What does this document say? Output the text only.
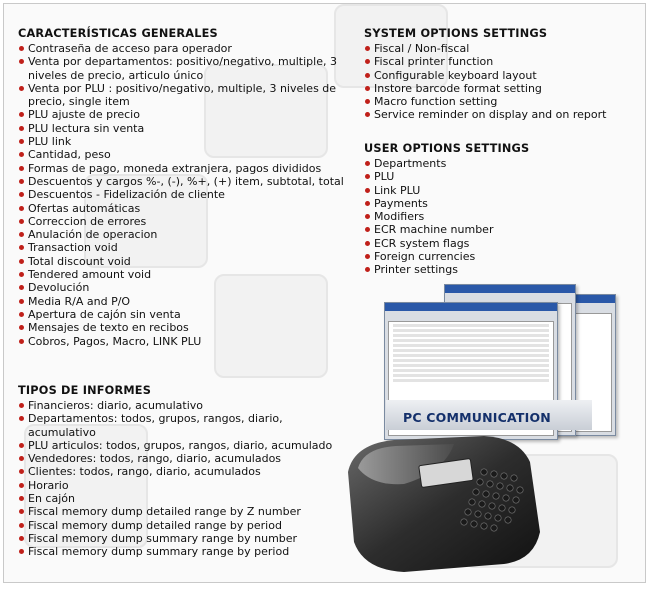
PC COMMUNICATION
CARACTERÍSTICAS GENERALES
Contraseña de acceso para operador
Venta por departamentos: positivo/negativo, multiple, 3 niveles de precio, articulo único
Venta por PLU : positivo/negativo, multiple, 3 niveles de precio, single item
PLU ajuste de precio
PLU lectura sin venta
PLU link
Cantidad, peso
Formas de pago, moneda extranjera, pagos divididos
Descuentos y cargos %-, (-), %+, (+) item, subtotal, total
Descuentos - Fidelización de cliente
Ofertas automáticas
Correccion de errores
Anulación de operacion
Transaction void
Total discount void
Tendered amount void
Devolución
Media R/A and P/O
Apertura de cajón sin venta
Mensajes de texto en recibos
Cobros, Pagos, Macro, LINK PLU
TIPOS DE INFORMES
Financieros: diario, acumulativo
Departamentos: todos, grupos, rangos, diario, acumulativo
PLU articulos: todos, grupos, rangos, diario, acumulado
Vendedores: todos, rango, diario, acumulados
Clientes: todos, rango, diario, acumulados
Horario
En cajón
Fiscal memory dump detailed range by Z number
Fiscal memory dump detailed range by period
Fiscal memory dump summary range by number
Fiscal memory dump summary range by period
SYSTEM OPTIONS SETTINGS
Fiscal / Non-fiscal
Fiscal printer function
Configurable keyboard layout
Instore barcode format setting
Macro function setting
Service reminder on display and on report
USER OPTIONS SETTINGS
Departments
PLU
Link PLU
Payments
Modifiers
ECR machine number
ECR system flags
Foreign currencies
Printer settings
